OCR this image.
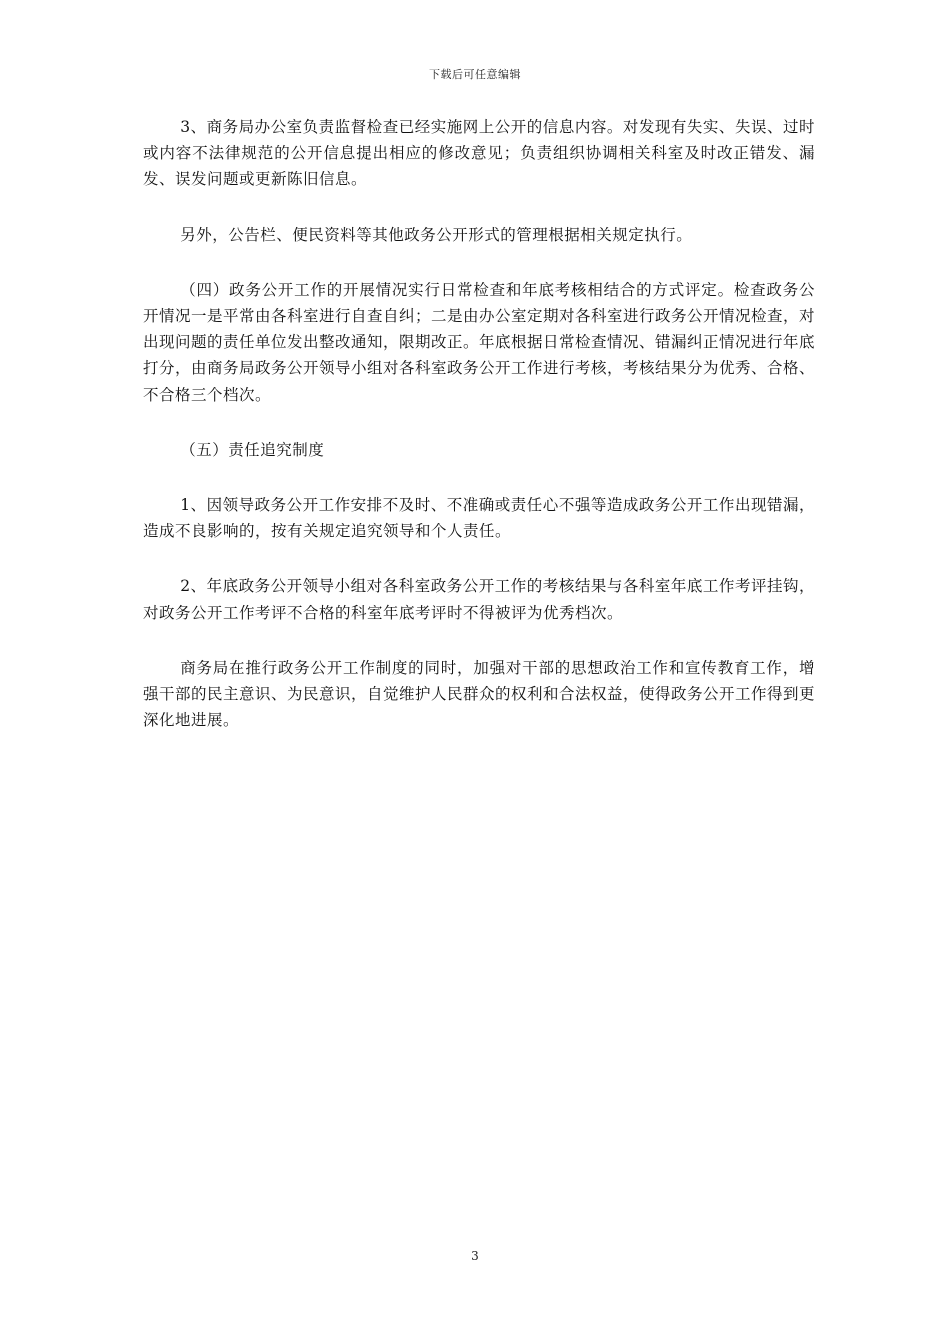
下载后可任意编辑

3、商务局办公室负责监督检查已经实施网上公开的信息内容。对发现有失实、失误、过时或内容不法律规范的公开信息提出相应的修改意见；负责组织协调相关科室及时改正错发、漏发、误发问题或更新陈旧信息。

另外，公告栏、便民资料等其他政务公开形式的管理根据相关规定执行。

（四）政务公开工作的开展情况实行日常检查和年底考核相结合的方式评定。检查政务公开情况一是平常由各科室进行自查自纠；二是由办公室定期对各科室进行政务公开情况检查，对出现问题的责任单位发出整改通知，限期改正。年底根据日常检查情况、错漏纠正情况进行年底打分，由商务局政务公开领导小组对各科室政务公开工作进行考核，考核结果分为优秀、合格、不合格三个档次。

（五）责任追究制度

1、因领导政务公开工作安排不及时、不准确或责任心不强等造成政务公开工作出现错漏，造成不良影响的，按有关规定追究领导和个人责任。

2、年底政务公开领导小组对各科室政务公开工作的考核结果与各科室年底工作考评挂钩，对政务公开工作考评不合格的科室年底考评时不得被评为优秀档次。

商务局在推行政务公开工作制度的同时，加强对干部的思想政治工作和宣传教育工作，增强干部的民主意识、为民意识，自觉维护人民群众的权利和合法权益，使得政务公开工作得到更深化地进展。

3
